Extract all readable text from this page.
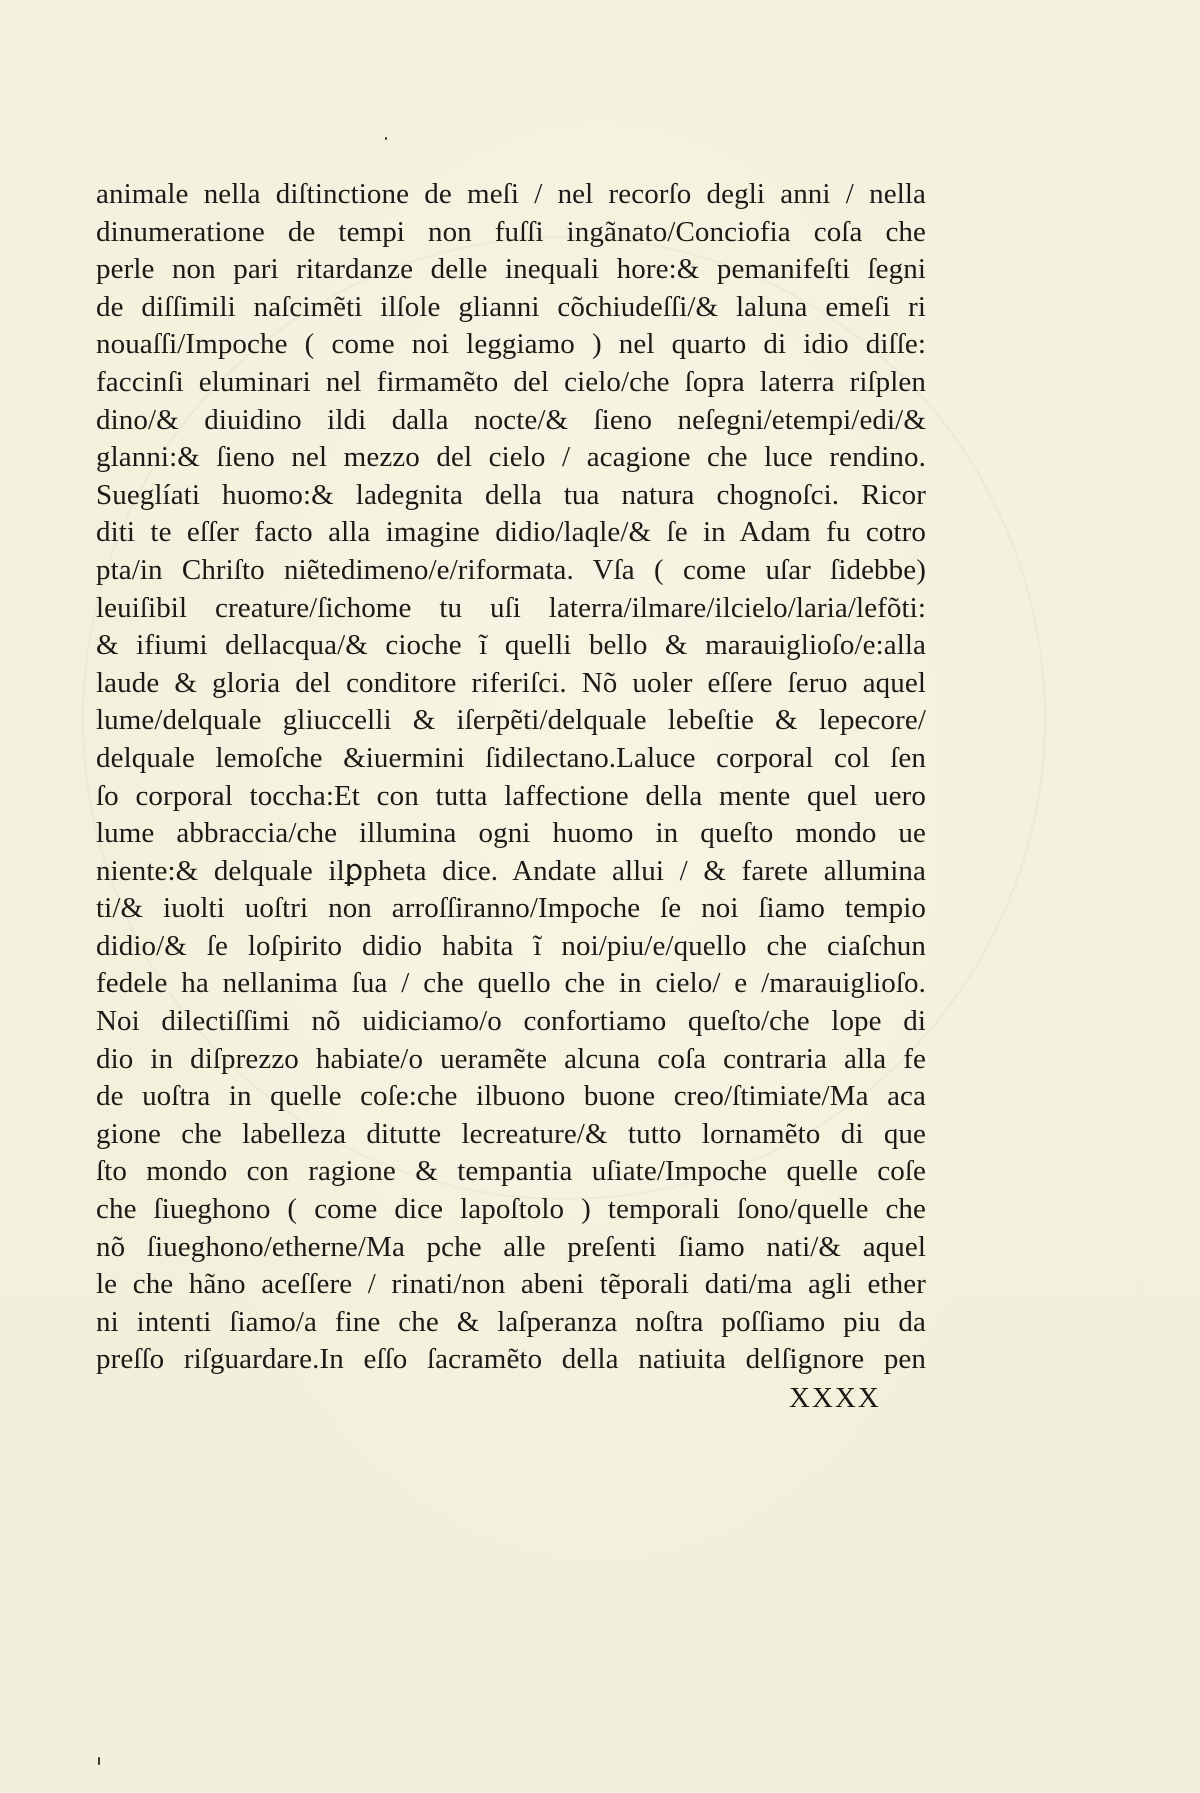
animale nella diſtinctione de meſi / nel recorſo degli anni / nella
dinumeratione de tempi non fuſſi ingãnato/Conciofia coſa che
perle non pari ritardanze delle inequali hore:& pemanifeſti ſegni
de diſſimili naſcimẽti ilſole glianni cõchiudeſſi/& laluna emeſi ri
nouaſſi/Impoche ( come noi leggiamo ) nel quarto di idio diſſe:
faccinſi eluminari nel firmamẽto del cielo/che ſopra laterra riſplen
dino/& diuidino ildi dalla nocte/& ſieno neſegni/etempi/edi/&
glanni:& ſieno nel mezzo del cielo / acagione che luce rendino.
Sueglíati huomo:& ladegnita della tua natura chognoſci. Ricor
diti te eſſer facto alla imagine didio/laqle/& ſe in Adam fu cotro
pta/in Chriſto niẽtedimeno/e/riformata. Vſa ( come uſar ſidebbe)
leuiſibil creature/ſichome tu uſi laterra/ilmare/ilcielo/laria/lefõti:
& ifiumi dellacqua/& cioche ĩ quelli bello & marauiglioſo/e:alla
laude & gloria del conditore riferiſci. Nõ uoler eſſere ſeruo aquel
lume/delquale gliuccelli & iſerpẽti/delquale lebeſtie & lepecore/
delquale lemoſche &iuermini ſidilectano.Laluce corporal col ſen
ſo corporal toccha:Et con tutta laffectione della mente quel uero
lume abbraccia/che illumina ogni huomo in queſto mondo ue
niente:& delquale ilꝑpheta dice. Andate allui / & farete allumina
ti/& iuolti uoſtri non arroſſiranno/Impoche ſe noi ſiamo tempio
didio/& ſe loſpirito didio habita ĩ noi/piu/e/quello che ciaſchun
fedele ha nellanima ſua / che quello che in cielo/ e /marauiglioſo.
Noi dilectiſſimi nõ uidiciamo/o confortiamo queſto/che lope di
dio in diſprezzo habiate/o ueramẽte alcuna coſa contraria alla fe
de uoſtra in quelle coſe:che ilbuono buone creo/ſtimiate/Ma aca
gione che labelleza ditutte lecreature/& tutto lornamẽto di que
ſto mondo con ragione & tempantia uſiate/Impoche quelle coſe
che ſiueghono ( come dice lapoſtolo ) temporali ſono/quelle che
nõ ſiueghono/etherne/Ma pche alle preſenti ſiamo nati/& aquel
le che hãno aceſſere / rinati/non abeni tẽporali dati/ma agli ether
ni intenti ſiamo/a fine che & laſperanza noſtra poſſiamo piu da
preſſo riſguardare.In eſſo ſacramẽto della natiuita delſignore pen
XXXX
